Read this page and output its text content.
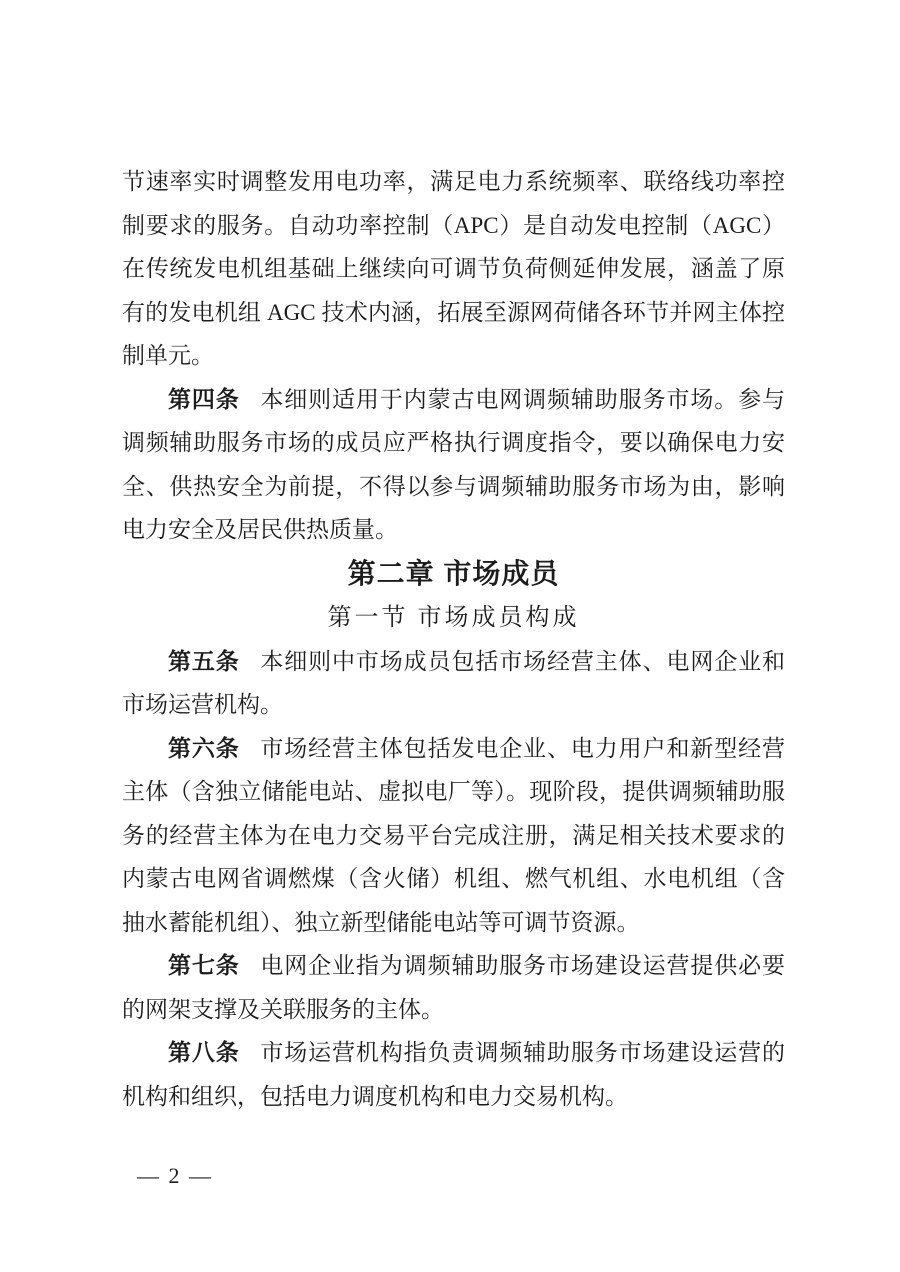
节速率实时调整发用电功率，满足电力系统频率、联络线功率控制要求的服务。自动功率控制（APC）是自动发电控制（AGC）在传统发电机组基础上继续向可调节负荷侧延伸发展，涵盖了原有的发电机组 AGC 技术内涵，拓展至源网荷储各环节并网主体控制单元。

第四条 本细则适用于内蒙古电网调频辅助服务市场。参与调频辅助服务市场的成员应严格执行调度指令，要以确保电力安全、供热安全为前提，不得以参与调频辅助服务市场为由，影响电力安全及居民供热质量。

第二章 市场成员

第一节 市场成员构成

第五条 本细则中市场成员包括市场经营主体、电网企业和市场运营机构。

第六条 市场经营主体包括发电企业、电力用户和新型经营主体（含独立储能电站、虚拟电厂等）。现阶段，提供调频辅助服务的经营主体为在电力交易平台完成注册，满足相关技术要求的内蒙古电网省调燃煤（含火储）机组、燃气机组、水电机组（含抽水蓄能机组）、独立新型储能电站等可调节资源。

第七条 电网企业指为调频辅助服务市场建设运营提供必要的网架支撑及关联服务的主体。

第八条 市场运营机构指负责调频辅助服务市场建设运营的机构和组织，包括电力调度机构和电力交易机构。

— 2 —
